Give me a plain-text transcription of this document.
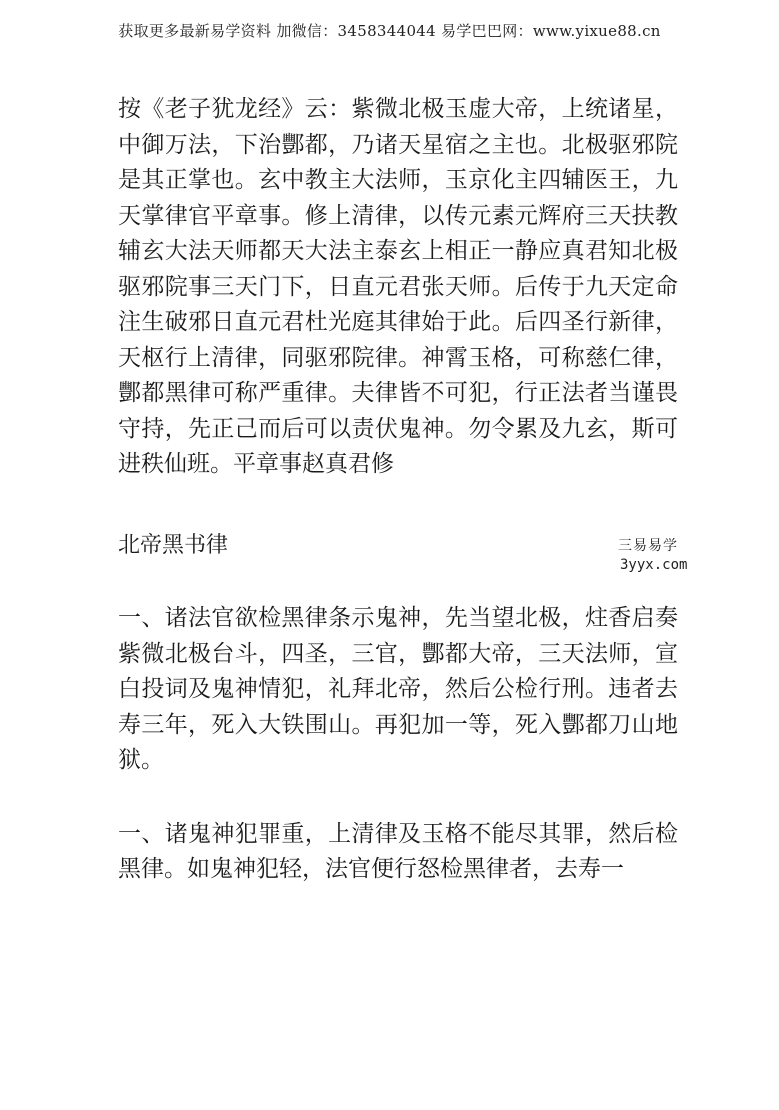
获取更多最新易学资料 加微信：3458344044 易学巴巴网：www.yixue88.cn

按《老子犹龙经》云：紫微北极玉虚大帝，上统诸星，中御万法，下治酆都，乃诸天星宿之主也。北极驱邪院是其正掌也。玄中教主大法师，玉京化主四辅医王，九天掌律官平章事。修上清律，以传元素元辉府三天扶教辅玄大法天师都天大法主泰玄上相正一静应真君知北极驱邪院事三天门下，日直元君张天师。后传于九天定命注生破邪日直元君杜光庭其律始于此。后四圣行新律，天枢行上清律，同驱邪院律。神霄玉格，可称慈仁律，酆都黑律可称严重律。夫律皆不可犯，行正法者当谨畏守持，先正己而后可以责伏鬼神。勿令累及九玄，斯可进秩仙班。平章事赵真君修

北帝黑书律

一、诸法官欲检黑律条示鬼神，先当望北极，炷香启奏紫微北极台斗，四圣，三官，酆都大帝，三天法师，宣白投词及鬼神情犯，礼拜北帝，然后公检行刑。违者去寿三年，死入大铁围山。再犯加一等，死入酆都刀山地狱。

一、诸鬼神犯罪重，上清律及玉格不能尽其罪，然后检黑律。如鬼神犯轻，法官便行怒检黑律者，去寿一

三易易学
3yyx.com
